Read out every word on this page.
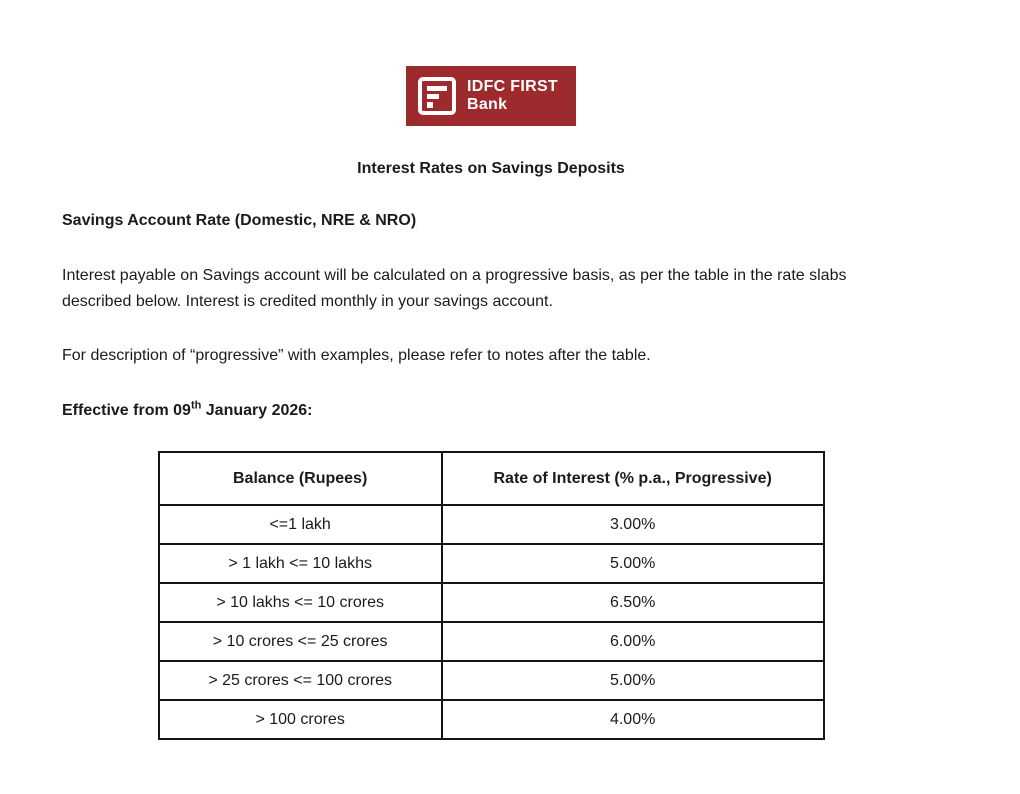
IDFC FIRST
Bank
Interest Rates on Savings Deposits
Savings Account Rate (Domestic, NRE & NRO)
Interest payable on Savings account will be calculated on a progressive basis, as per the table in the rate slabs described below. Interest is credited monthly in your savings account.
For description of “progressive” with examples, please refer to notes after the table.
Effective from 09th January 2026:
Balance (Rupees)	Rate of Interest (% p.a., Progressive)
<=1 lakh	3.00%
> 1 lakh <= 10 lakhs	5.00%
> 10 lakhs <= 10 crores	6.50%
> 10 crores <= 25 crores	6.00%
> 25 crores <= 100 crores	5.00%
> 100 crores	4.00%
